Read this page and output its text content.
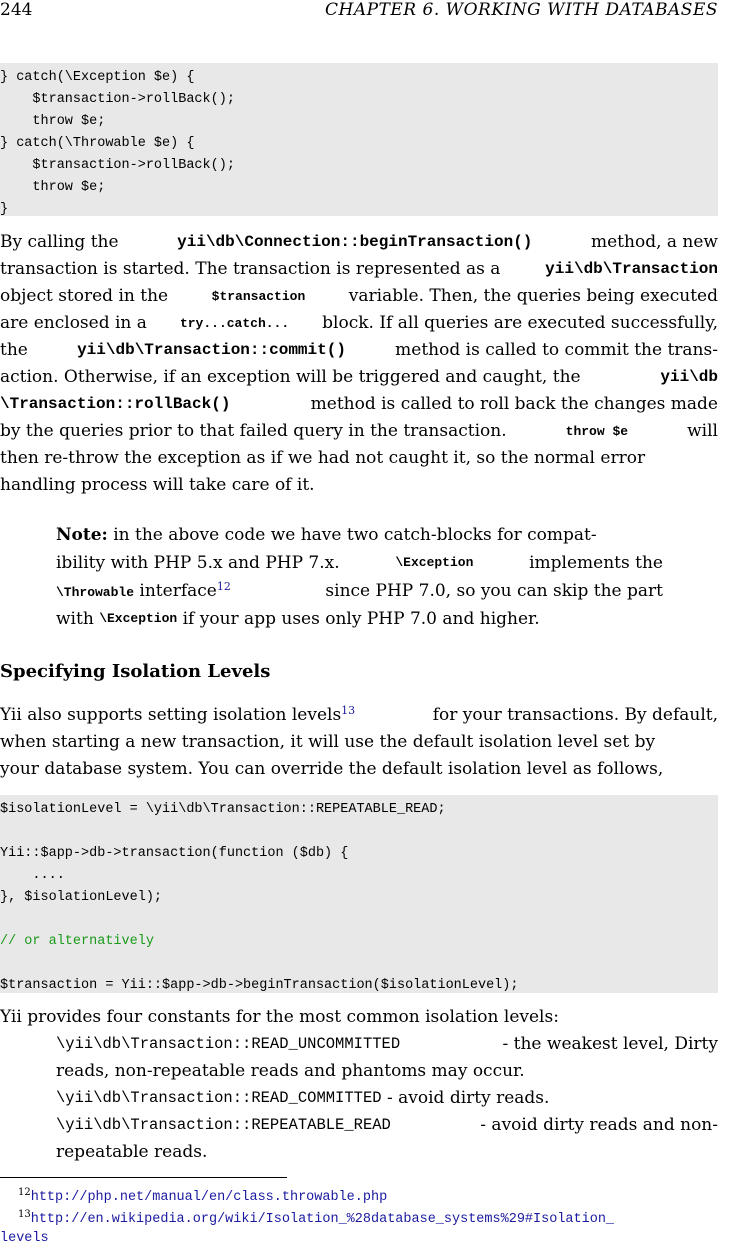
244	CHAPTER 6. WORKING WITH DATABASES
} catch(\Exception $e) {
$transaction->rollBack();
throw $e;
} catch(\Throwable $e) {
$transaction->rollBack();
throw $e;
}
By calling the	yii\db\Connection::beginTransaction()	method, a new
transaction is started. The transaction is represented as a	yii\db\Transaction
object stored in the	$transaction	variable. Then, the queries being executed
are enclosed in a	try...catch... block. If all queries are executed successfully,
the	yii\db\Transaction::commit()	method is called to commit the trans-
action. Otherwise, if an exception will be triggered and caught, the	yii\db
\Transaction::rollBack()	method is called to roll back the changes made
by the queries prior to that failed query in the transaction.	throw $e	will
then re-throw the exception as if we had not caught it, so the normal error
handling process will take care of it.
Note: in the above code we have two catch-blocks for compat-
ibility with PHP 5.x and PHP 7.x.	\Exception	implements the
\Throwable interface$^{12}$	since PHP 7.0, so you can skip the part
with
\Exception
if your app uses only PHP 7.0 and higher.
Specifying Isolation Levels
Yii also supports setting isolation levels$^{13}$	for your transactions. By default,
when starting a new transaction, it will use the default isolation level set by
your database system. You can override the default isolation level as follows,
$isolationLevel = \yii\db\Transaction::REPEATABLE_READ;
Yii::$app->db->transaction(function ($db) {
....
}, $isolationLevel);
// or alternatively
$transaction = Yii::$app->db->beginTransaction($isolationLevel);
Yii provides four constants for the most common isolation levels:
\yii\db\Transaction::READ_UNCOMMITTED	- the weakest level, Dirty
reads, non-repeatable reads and phantoms may occur.
\yii\db\Transaction::READ_COMMITTED
- avoid dirty reads.
\yii\db\Transaction::REPEATABLE_READ	- avoid dirty reads and non-
repeatable reads.
$^{12}$http://php.net/manual/en/class.throwable.php
$^{13}$http://en.wikipedia.org/wiki/Isolation_%28database_systems%29#Isolation_
levels
